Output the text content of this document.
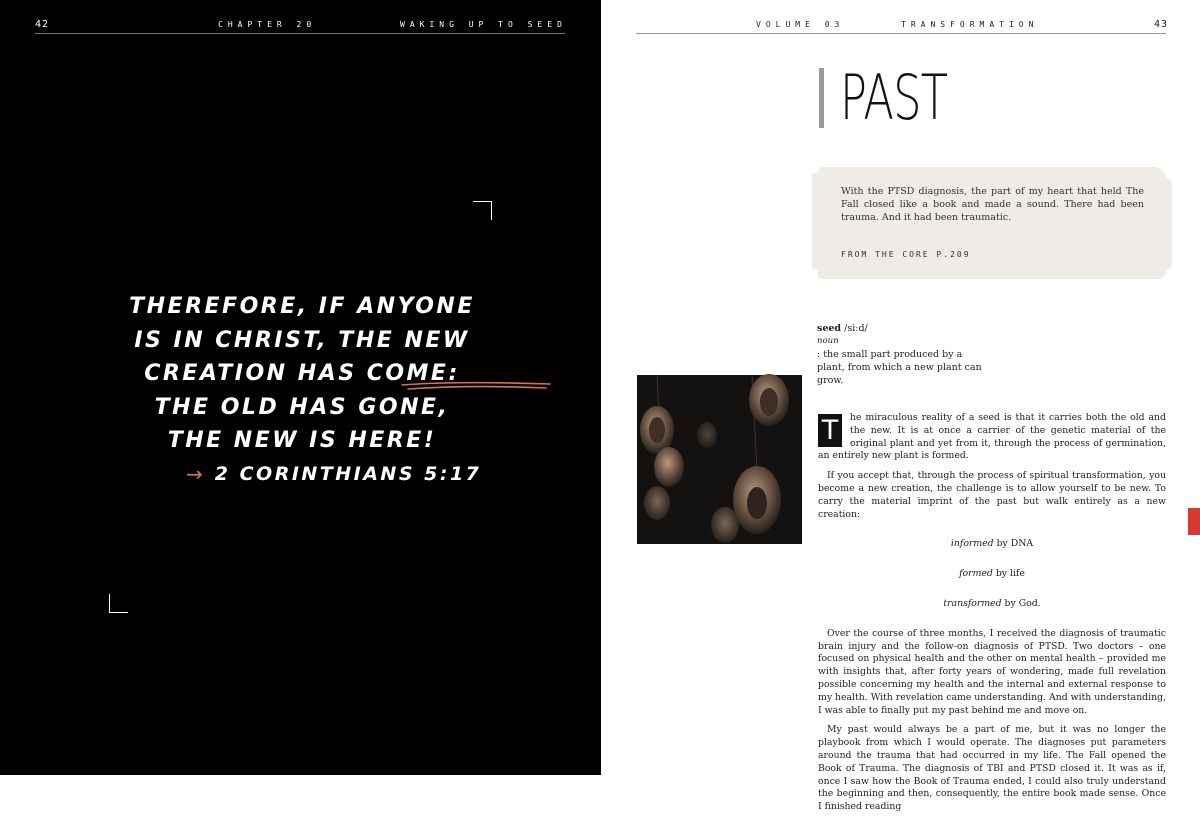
42	CHAPTER 20	WAKING UP TO SEED
THEREFORE, IF ANYONE IS IN CHRIST, THE NEW CREATION HAS COME: THE OLD HAS GONE, THE NEW IS HERE!
→ 2 CORINTHIANS 5:17
VOLUME 03	TRANSFORMATION	43
PAST
With the PTSD diagnosis, the part of my heart that held The Fall closed like a book and made a sound. There had been trauma. And it had been traumatic.
FROM THE CORE P.209
seed /siːd/
noun
: the small part produced by a plant, from which a new plant can grow.
T	he miraculous reality of a seed is that it carries both the old and the new. It is at once a carrier of the genetic material of the original plant and yet from it, through the process of germination, an entirely new plant is formed.
If you accept that, through the process of spiritual transformation, you become a new creation, the challenge is to allow yourself to be new. To carry the material imprint of the past but walk entirely as a new creation:
informed by DNA
formed by life
transformed by God.
Over the course of three months, I received the diagnosis of traumatic brain injury and the follow-on diagnosis of PTSD. Two doctors – one focused on physical health and the other on mental health – provided me with insights that, after forty years of wondering, made full revelation possible concerning my health and the internal and external response to my health. With revelation came understanding. And with understanding, I was able to finally put my past behind me and move on.
My past would always be a part of me, but it was no longer the playbook from which I would operate. The diagnoses put parameters around the trauma that had occurred in my life. The Fall opened the Book of Trauma. The diagnosis of TBI and PTSD closed it. It was as if, once I saw how the Book of Trauma ended, I could also truly understand the beginning and then, consequently, the entire book made sense. Once I finished reading
